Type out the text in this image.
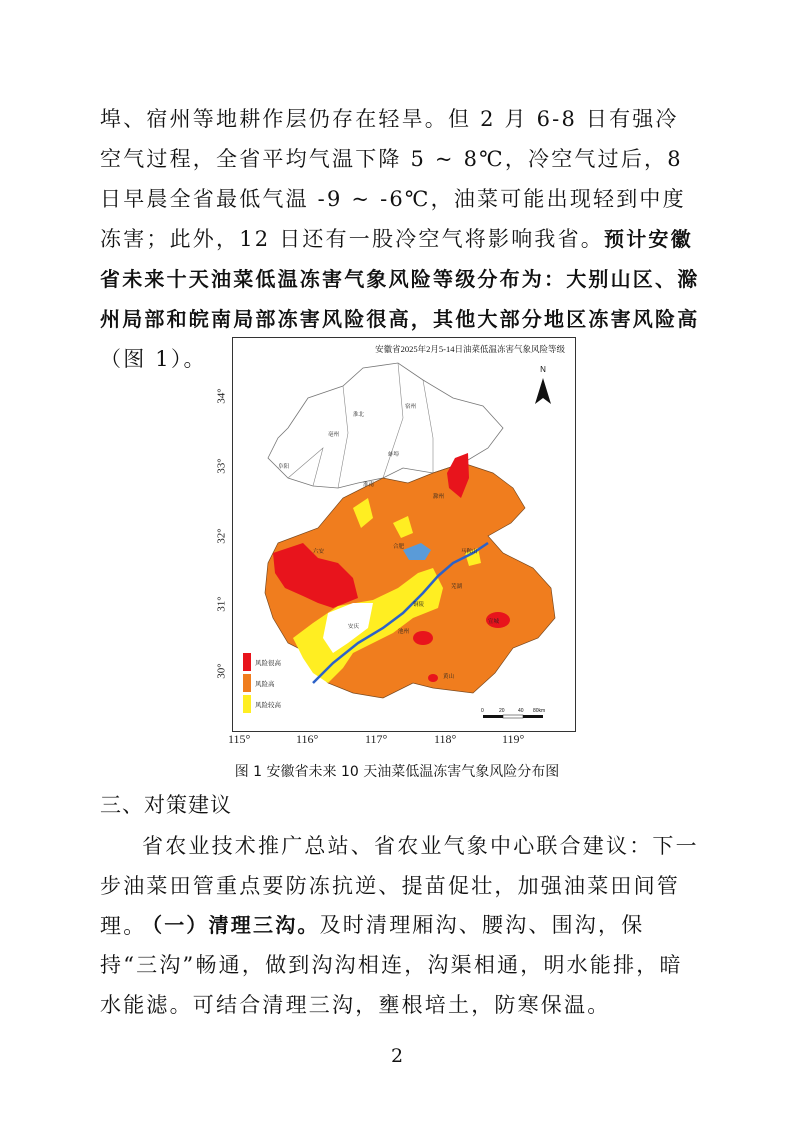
埠、宿州等地耕作层仍存在轻旱。但 2 月 6-8 日有强冷空气过程，全省平均气温下降 5 ~ 8℃，冷空气过后，8 日早晨全省最低气温 -9 ~ -6℃，油菜可能出现轻到中度冻害；此外，12 日还有一股冷空气将影响我省。预计安徽省未来十天油菜低温冻害气象风险等级分布为：大别山区、滁州局部和皖南局部冻害风险很高，其他大部分地区冻害风险高（图 1）。	安徽省2025年2月5-14日油菜低温冻害气象风险等级
N
淮北
宿州
亳州
阜阳
蚌埠
淮南
滁州
六安
合肥
马鞍山
芜湖
宣城
铜陵
池州
安庆
黄山
风险很高
风险高
风险较高
0	20	40 80km
34°
33°
32°
31°
30°
115°	116°	117°	118°	119°
图 1 安徽省未来 10 天油菜低温冻害气象风险分布图
三、对策建议

省农业技术推广总站、省农业气象中心联合建议：下一步油菜田管重点要防冻抗逆、提苗促壮，加强油菜田间管理。

（一）清理三沟。及时清理厢沟、腰沟、围沟，保持“三沟”畅通，做到沟沟相连，沟渠相通，明水能排，暗水能滤。可结合清理三沟，壅根培土，防寒保温。

2
